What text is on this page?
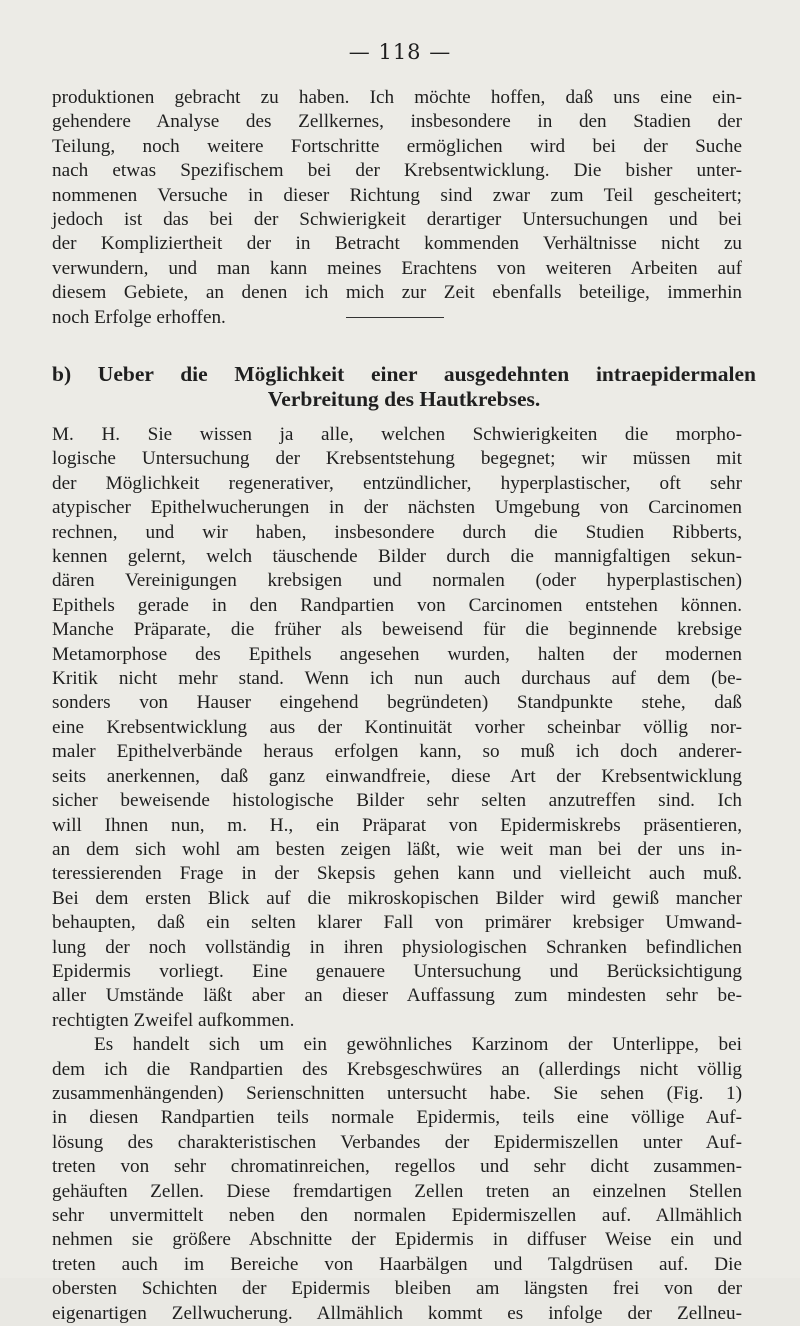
— 118 —

produktionen gebracht zu haben. Ich möchte hoffen, daß uns eine ein-

gehendere Analyse des Zellkernes, insbesondere in den Stadien der

Teilung, noch weitere Fortschritte ermöglichen wird bei der Suche

nach etwas Spezifischem bei der Krebsentwicklung. Die bisher unter-

nommenen Versuche in dieser Richtung sind zwar zum Teil gescheitert;

jedoch ist das bei der Schwierigkeit derartiger Untersuchungen und bei

der Kompliziertheit der in Betracht kommenden Verhältnisse nicht zu

verwundern, und man kann meines Erachtens von weiteren Arbeiten auf

diesem Gebiete, an denen ich mich zur Zeit ebenfalls beteilige, immerhin

noch Erfolge erhoffen.

b) Ueber die Möglichkeit einer ausgedehnten intraepidermalen
Verbreitung des Hautkrebses.

M. H. Sie wissen ja alle, welchen Schwierigkeiten die morpho-

logische Untersuchung der Krebsentstehung begegnet; wir müssen mit

der Möglichkeit regenerativer, entzündlicher, hyperplastischer, oft sehr

atypischer Epithelwucherungen in der nächsten Umgebung von Carcinomen

rechnen, und wir haben, insbesondere durch die Studien Ribberts,

kennen gelernt, welch täuschende Bilder durch die mannigfaltigen sekun-

dären Vereinigungen krebsigen und normalen (oder hyperplastischen)

Epithels gerade in den Randpartien von Carcinomen entstehen können.

Manche Präparate, die früher als beweisend für die beginnende krebsige

Metamorphose des Epithels angesehen wurden, halten der modernen

Kritik nicht mehr stand. Wenn ich nun auch durchaus auf dem (be-

sonders von Hauser eingehend begründeten) Standpunkte stehe, daß

eine Krebsentwicklung aus der Kontinuität vorher scheinbar völlig nor-

maler Epithelverbände heraus erfolgen kann, so muß ich doch anderer-

seits anerkennen, daß ganz einwandfreie, diese Art der Krebsentwicklung

sicher beweisende histologische Bilder sehr selten anzutreffen sind. Ich

will Ihnen nun, m. H., ein Präparat von Epidermiskrebs präsentieren,

an dem sich wohl am besten zeigen läßt, wie weit man bei der uns in-

teressierenden Frage in der Skepsis gehen kann und vielleicht auch muß.

Bei dem ersten Blick auf die mikroskopischen Bilder wird gewiß mancher

behaupten, daß ein selten klarer Fall von primärer krebsiger Umwand-

lung der noch vollständig in ihren physiologischen Schranken befindlichen

Epidermis vorliegt. Eine genauere Untersuchung und Berücksichtigung

aller Umstände läßt aber an dieser Auffassung zum mindesten sehr be-

rechtigten Zweifel aufkommen.

Es handelt sich um ein gewöhnliches Karzinom der Unterlippe, bei

dem ich die Randpartien des Krebsgeschwüres an (allerdings nicht völlig

zusammenhängenden) Serienschnitten untersucht habe. Sie sehen (Fig. 1)

in diesen Randpartien teils normale Epidermis, teils eine völlige Auf-

lösung des charakteristischen Verbandes der Epidermiszellen unter Auf-

treten von sehr chromatinreichen, regellos und sehr dicht zusammen-

gehäuften Zellen. Diese fremdartigen Zellen treten an einzelnen Stellen

sehr unvermittelt neben den normalen Epidermiszellen auf. Allmählich

nehmen sie größere Abschnitte der Epidermis in diffuser Weise ein und

treten auch im Bereiche von Haarbälgen und Talgdrüsen auf. Die

obersten Schichten der Epidermis bleiben am längsten frei von der

eigenartigen Zellwucherung. Allmählich kommt es infolge der Zellneu-
